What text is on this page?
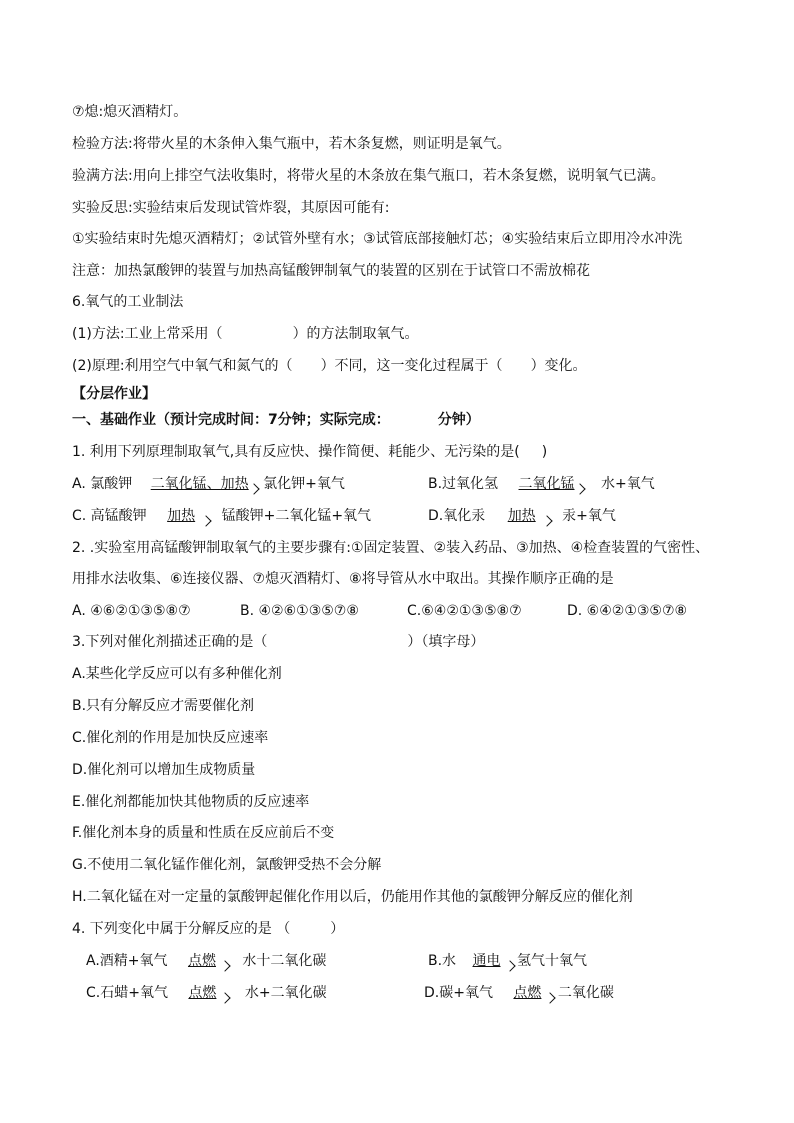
⑦熄:熄灭酒精灯。
检验方法:将带火星的木条伸入集气瓶中，若木条复燃，则证明是氧气。
验满方法:用向上排空气法收集时，将带火星的木条放在集气瓶口，若木条复燃，说明氧气已满。
实验反思:实验结束后发现试管炸裂，其原因可能有:
①实验结束时先熄灭酒精灯；②试管外壁有水；③试管底部接触灯芯；④实验结束后立即用冷水冲洗
注意：加热氯酸钾的装置与加热高锰酸钾制氧气的装置的区别在于试管口不需放棉花
6.氧气的工业制法
(1)方法:工业上常采用（	）的方法制取氧气。
(2)原理:利用空气中氧气和氮气的（ ）不同，这一变化过程属于（ ）变化。
【分层作业】
一、基础作业（预计完成时间：7分钟；实际完成：	分钟）
1. 利用下列原理制取氧气,具有反应快、操作简便、耗能少、无污染的是( )
A. 氯酸钾 二氧化锰、加热 氯化钾+氧气	B.过氧化氢 二氧化锰 水+氧气
C. 高锰酸钾 加热 锰酸钾+二氧化锰+氧气	D.氧化汞 加热 汞+氧气
2. .实验室用高锰酸钾制取氧气的主要步骤有:①固定装置、②装入药品、③加热、④检查装置的气密性、
用排水法收集、⑥连接仪器、⑦熄灭酒精灯、⑧将导管从水中取出。其操作顺序正确的是
A. ④⑥②①③⑤⑧⑦	B. ④②⑥①③⑤⑦⑧	C.⑥④②①③⑤⑧⑦	D. ⑥④②①③⑤⑦⑧
3.下列对催化剂描述正确的是（	）（填字母）
A.某些化学反应可以有多种催化剂
B.只有分解反应才需要催化剂
C.催化剂的作用是加快反应速率
D.催化剂可以增加生成物质量
E.催化剂都能加快其他物质的反应速率
F.催化剂本身的质量和性质在反应前后不变
G.不使用二氧化锰作催化剂，氯酸钾受热不会分解
H.二氧化锰在对一定量的氯酸钾起催化作用以后，仍能用作其他的氯酸钾分解反应的催化剂
4. 下列变化中属于分解反应的是 （	）
A.酒精+氧气 点燃 水十二氧化碳	B.水 通电 氢气十氧气
C.石蜡+氧气 点燃 水+二氧化碳	D.碳+氧气 点燃 二氧化碳
